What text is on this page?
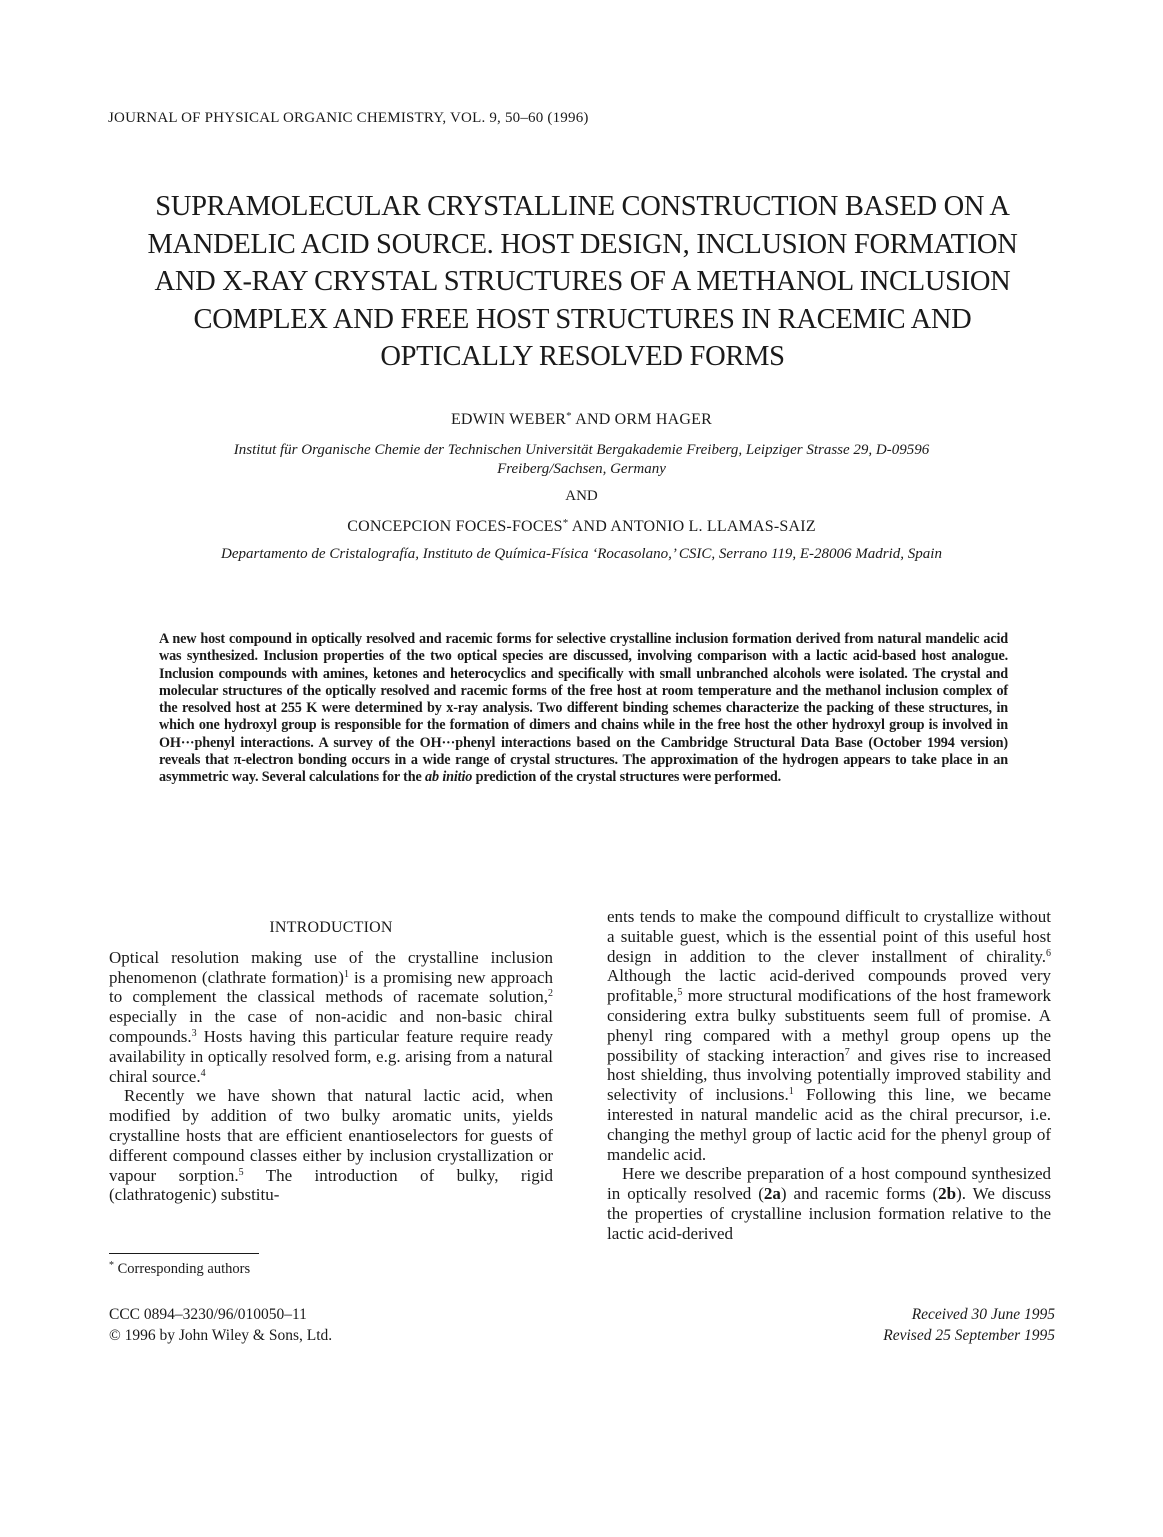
JOURNAL OF PHYSICAL ORGANIC CHEMISTRY, VOL. 9, 50–60 (1996)
SUPRAMOLECULAR CRYSTALLINE CONSTRUCTION BASED ON A
MANDELIC ACID SOURCE. HOST DESIGN, INCLUSION FORMATION
AND X-RAY CRYSTAL STRUCTURES OF A METHANOL INCLUSION
COMPLEX AND FREE HOST STRUCTURES IN RACEMIC AND
OPTICALLY RESOLVED FORMS
EDWIN WEBER* AND ORM HAGER
Institut für Organische Chemie der Technischen Universität Bergakademie Freiberg, Leipziger Strasse 29, D-09596
Freiberg/Sachsen, Germany
AND
CONCEPCION FOCES-FOCES* AND ANTONIO L. LLAMAS-SAIZ
Departamento de Cristalografía, Instituto de Química-Física ‘Rocasolano,’ CSIC, Serrano 119, E-28006 Madrid, Spain
A new host compound in optically resolved and racemic forms for selective crystalline inclusion formation derived from natural mandelic acid was synthesized. Inclusion properties of the two optical species are discussed, involving comparison with a lactic acid-based host analogue. Inclusion compounds with amines, ketones and heterocyclics and specifically with small unbranched alcohols were isolated. The crystal and molecular structures of the optically resolved and racemic forms of the free host at room temperature and the methanol inclusion complex of the resolved host at 255 K were determined by x-ray analysis. Two different binding schemes characterize the packing of these structures, in which one hydroxyl group is responsible for the formation of dimers and chains while in the free host the other hydroxyl group is involved in OH···phenyl interactions. A survey of the OH···phenyl interactions based on the Cambridge Structural Data Base (October 1994 version) reveals that π-electron bonding occurs in a wide range of crystal structures. The approximation of the hydrogen appears to take place in an asymmetric way. Several calculations for the ab initio prediction of the crystal structures were performed.
INTRODUCTION

Optical resolution making use of the crystalline inclusion phenomenon (clathrate formation)$^1$ is a promising new approach to complement the classical methods of racemate solution,$^2$ especially in the case of non-acidic and non-basic chiral compounds.$^3$ Hosts having this particular feature require ready availability in optically resolved form, e.g. arising from a natural chiral source.$^4$

Recently we have shown that natural lactic acid, when modified by addition of two bulky aromatic units, yields crystalline hosts that are efficient enantioselectors for guests of different compound classes either by inclusion crystallization or vapour sorption.$^5$ The introduction of bulky, rigid (clathratogenic) substitu-

ents tends to make the compound difficult to crystallize without a suitable guest, which is the essential point of this useful host design in addition to the clever installment of chirality.$^6$ Although the lactic acid-derived compounds proved very profitable,$^5$ more structural modifications of the host framework considering extra bulky substituents seem full of promise. A phenyl ring compared with a methyl group opens up the possibility of stacking interaction$^7$ and gives rise to increased host shielding, thus involving potentially improved stability and selectivity of inclusions.$^1$ Following this line, we became interested in natural mandelic acid as the chiral precursor, i.e. changing the methyl group of lactic acid for the phenyl group of mandelic acid.

Here we describe preparation of a host compound synthesized in optically resolved (2a) and racemic forms (2b). We discuss the properties of crystalline inclusion formation relative to the lactic acid-derived

* Corresponding authors
CCC 0894–3230/96/010050–11
© 1996 by John Wiley & Sons, Ltd.
Received 30 June 1995
Revised 25 September 1995
